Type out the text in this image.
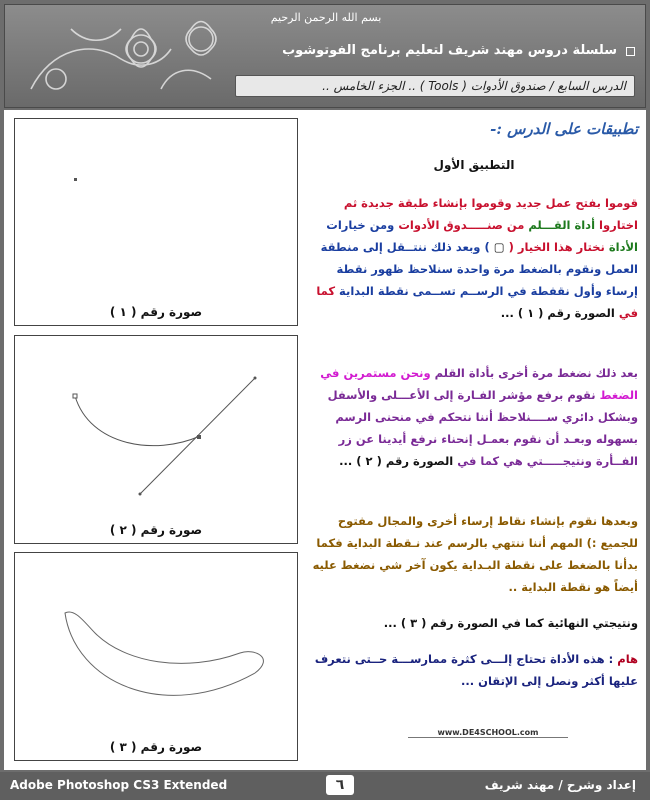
بسم الله الرحمن الرحيم
سلسلة دروس مهند شريف لتعليم برنامج الفوتوشوب
الدرس السابع / صندوق الأدوات ( Tools ) .. الجزء الخامس ..
صورة رقم ( ١ )
صورة رقم ( ٢ )
صورة رقم ( ٣ )
تطبيقات على الدرس :-
التطبيق الأول
قوموا بفتح عمل جديد وقوموا بإنشاء طبقة جديدة ثم اختاروا أداة القـــلم من صنـــــدوق الأدوات ومن خيارات الأداة نختار هذا الخيار ( ▢ ) وبعد ذلك ننتــقل إلى منطقة العمل ونقوم بالضغط مرة واحدة سنلاحظ ظهور نقطة إرساء وأول نقفطة في الرســم تســمى نقطة البداية كما في الصورة رقم ( ١ ) ...
بعد ذلك نضغط مرة أخرى بأداة القلم ونحن مستمرين في الضغط نقوم برفع مؤشر الفـارة إلى الأعـــلى والأسفل وبشكل دائري ســــنلاحظ أننا نتحكم في منحنى الرسم بسهوله وبعـد أن نقوم بعمـل إنحناء نرفع أيدينا عن زر الفــأرة ونتيجـــــتي هي كما في الصورة رقم ( ٢ ) ...
وبعدها نقوم بإنشاء نقاط إرساء أخرى والمجال مفتوح للجميع :) المهم أننا ننتهي بالرسم عند نـقطة البداية فكما بدأنا بالضغط على نقطة البـداية يكون آخر شي نضغط عليه أيضاً هو نقطة البداية ..
ونتيجتي النهائية كما في الصورة رقم ( ٣ ) ...
هام : هذه الأداة تحتاج إلـــى كثرة ممارســـة حــتى نتعرف عليها أكثر ونصل إلى الإتقان ...
www.DE4SCHOOL.com
Adobe Photoshop CS3 Extended	٦	إعداد وشرح / مهند شريف
